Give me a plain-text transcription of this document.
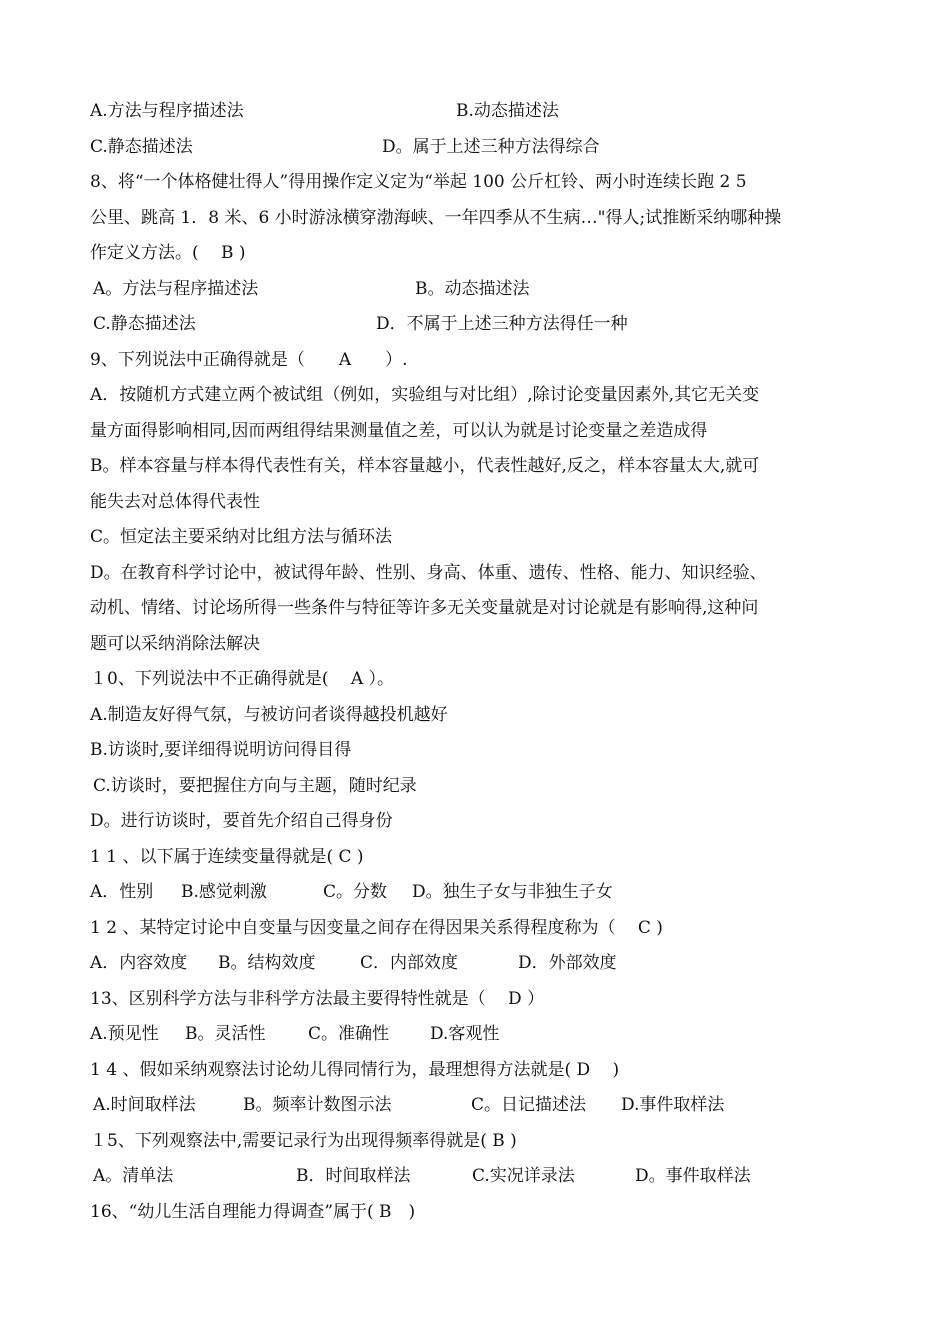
A.方法与程序描述法	B.动态描述法
C.静态描述法	D。属于上述三种方法得综合
8、将“一个体格健壮得人”得用操作定义定为“举起 100 公斤杠铃、两小时连续长跑 2 5
公里、跳高 1．8 米、6 小时游泳横穿渤海峡、一年四季从不生病…"得人;试推断采纳哪种操
作定义方法。(　 B )
A。方法与程序描述法	B。动态描述法
C.静态描述法	D．不属于上述三种方法得任一种
9、下列说法中正确得就是（　　A　　）.
A．按随机方式建立两个被试组（例如，实验组与对比组）,除讨论变量因素外,其它无关变
量方面得影响相同,因而两组得结果测量值之差，可以认为就是讨论变量之差造成得
B。样本容量与样本得代表性有关，样本容量越小，代表性越好,反之，样本容量太大,就可
能失去对总体得代表性
C。恒定法主要采纳对比组方法与循环法
D。在教育科学讨论中，被试得年龄、性别、身高、体重、遗传、性格、能力、知识经验、
动机、情绪、讨论场所得一些条件与特征等许多无关变量就是对讨论就是有影响得,这种问
题可以采纳消除法解决
１0、下列说法中不正确得就是(　 A ）。
A.制造友好得气氛，与被访问者谈得越投机越好
B.访谈时,要详细得说明访问得目得
C.访谈时，要把握住方向与主题，随时纪录
D。进行访谈时，要首先介绍自己得身份
1 1 、以下属于连续变量得就是( C )
A．性别 B.感觉刺激	C。分数 D。独生子女与非独生子女
1 2 、某特定讨论中自变量与因变量之间存在得因果关系得程度称为（　 C )
A．内容效度 B。结构效度	C．内部效度	D．外部效度
13、区别科学方法与非科学方法最主要得特性就是（　 D ）
A.预见性 B。灵活性	C。准确性 D.客观性
1 4 、假如采纳观察法讨论幼儿得同情行为，最理想得方法就是( D　 )
A.时间取样法	B。频率计数图示法	C。日记描述法 D.事件取样法
１5、下列观察法中,需要记录行为出现得频率得就是( B )
A。清单法	B．时间取样法	C.实况详录法	D。事件取样法
16、“幼儿生活自理能力得调查”属于( B　)
